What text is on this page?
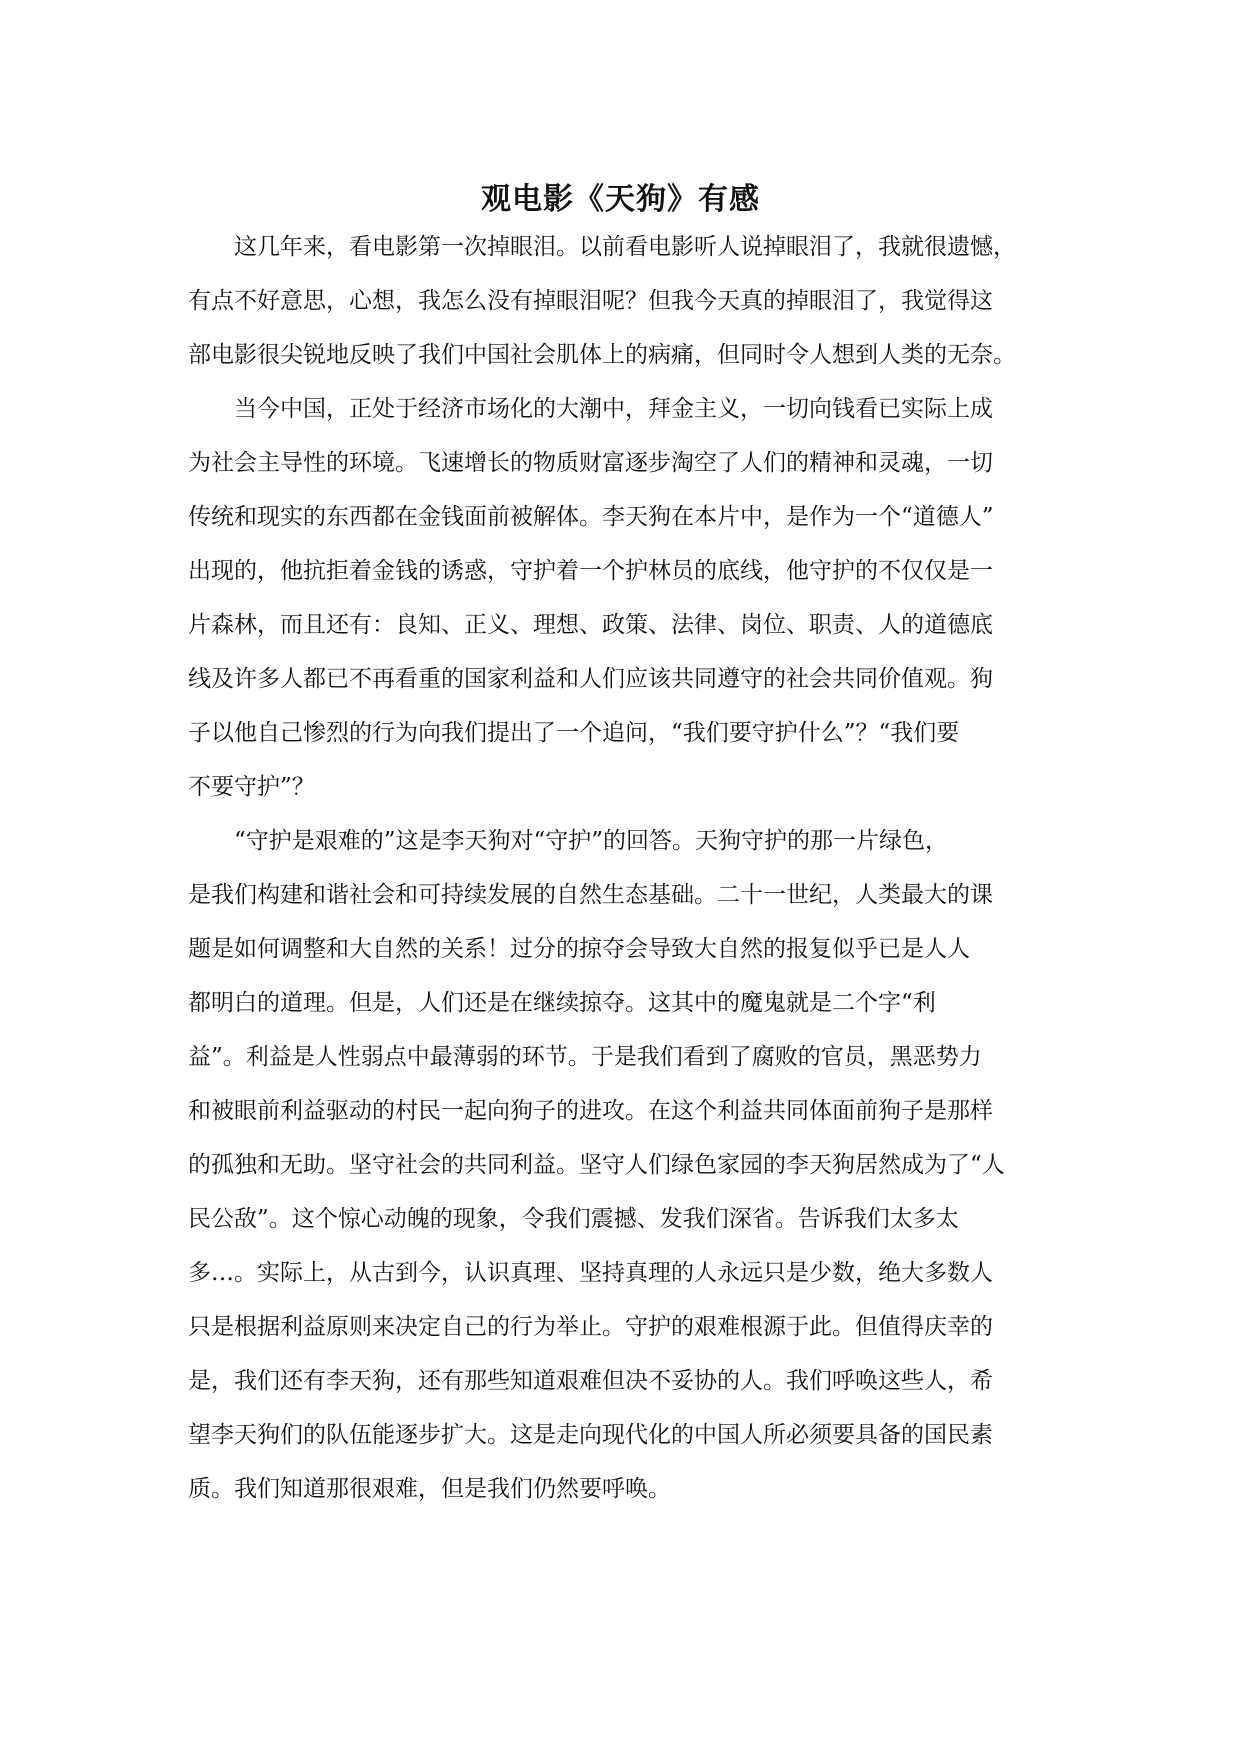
观电影《天狗》有感
这几年来，看电影第一次掉眼泪。以前看电影听人说掉眼泪了，我就很遗憾，
有点不好意思，心想，我怎么没有掉眼泪呢？但我今天真的掉眼泪了，我觉得这
部电影很尖锐地反映了我们中国社会肌体上的病痛，但同时令人想到人类的无奈。
当今中国，正处于经济市场化的大潮中，拜金主义，一切向钱看已实际上成
为社会主导性的环境。飞速增长的物质财富逐步淘空了人们的精神和灵魂，一切
传统和现实的东西都在金钱面前被解体。李天狗在本片中，是作为一个“道德人”
出现的，他抗拒着金钱的诱惑，守护着一个护林员的底线，他守护的不仅仅是一
片森林，而且还有：良知、正义、理想、政策、法律、岗位、职责、人的道德底
线及许多人都已不再看重的国家利益和人们应该共同遵守的社会共同价值观。狗
子以他自己惨烈的行为向我们提出了一个追问，“我们要守护什么”？“我们要
不要守护”？
“守护是艰难的”这是李天狗对“守护”的回答。天狗守护的那一片绿色，
是我们构建和谐社会和可持续发展的自然生态基础。二十一世纪，人类最大的课
题是如何调整和大自然的关系！过分的掠夺会导致大自然的报复似乎已是人人
都明白的道理。但是，人们还是在继续掠夺。这其中的魔鬼就是二个字“利
益”。利益是人性弱点中最薄弱的环节。于是我们看到了腐败的官员，黑恶势力
和被眼前利益驱动的村民一起向狗子的进攻。在这个利益共同体面前狗子是那样
的孤独和无助。坚守社会的共同利益。坚守人们绿色家园的李天狗居然成为了“人
民公敌”。这个惊心动魄的现象，令我们震撼、发我们深省。告诉我们太多太
多…。实际上，从古到今，认识真理、坚持真理的人永远只是少数，绝大多数人
只是根据利益原则来决定自己的行为举止。守护的艰难根源于此。但值得庆幸的
是，我们还有李天狗，还有那些知道艰难但决不妥协的人。我们呼唤这些人，希
望李天狗们的队伍能逐步扩大。这是走向现代化的中国人所必须要具备的国民素
质。我们知道那很艰难，但是我们仍然要呼唤。
